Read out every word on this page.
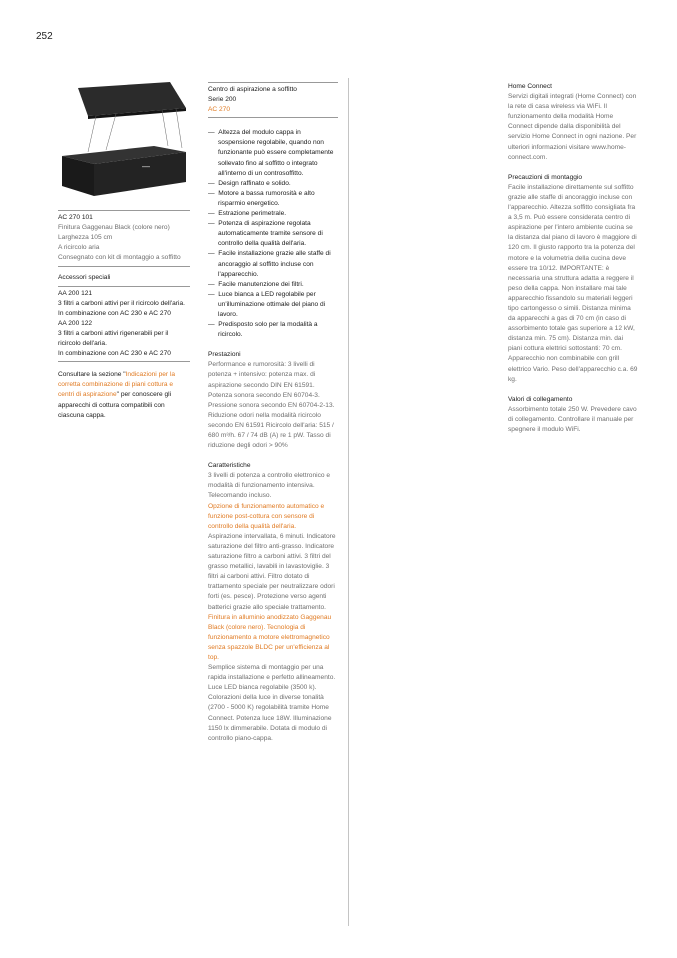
252

AC 270 101

Finitura Gaggenau Black (colore nero)

Larghezza 105 cm

A ricircolo aria

Consegnato con kit di montaggio a soffitto

Accessori speciali

AA 200 121

3 filtri a carboni attivi per il ricircolo dell'aria.

In combinazione con AC 230 e AC 270

AA 200 122

3 filtri a carboni attivi rigenerabili per il ricircolo dell'aria.

In combinazione con AC 230 e AC 270

Consultare la sezione "Indicazioni per la corretta combinazione di piani cottura e centri di aspirazione" per conoscere gli apparecchi di cottura compatibili con ciascuna cappa.

Centro di aspirazione a soffitto

Serie 200

AC 270

—  Altezza del modulo cappa in sospensione regolabile, quando non funzionante può essere completamente sollevato fino al soffitto o integrato all'interno di un controsoffitto.

—  Design raffinato e solido.

—  Motore a bassa rumorosità e alto risparmio energetico.

—  Estrazione perimetrale.

—  Potenza di aspirazione regolata automaticamente tramite sensore di controllo della qualità dell'aria.

—  Facile installazione grazie alle staffe di ancoraggio al soffitto incluse con l'apparecchio.

—  Facile manutenzione dei filtri.

—  Luce bianca a LED regolabile per un'illuminazione ottimale del piano di lavoro.

—  Predisposto solo per la modalità a ricircolo.

Prestazioni

Performance e rumorosità: 3 livelli di potenza + intensivo: potenza max. di aspirazione secondo DIN EN 61591. Potenza sonora secondo EN 60704-3. Pressione sonora secondo EN 60704-2-13. Riduzione odori nella modalità ricircolo secondo EN 61591 Ricircolo dell'aria: 515 / 680 m³/h. 67 / 74 dB (A) re 1 pW. Tasso di riduzione degli odori > 90%

Caratteristiche

3 livelli di potenza a controllo elettronico e modalità di funzionamento intensiva. Telecomando incluso.

Opzione di funzionamento automatico e funzione post-cottura con sensore di controllo della qualità dell'aria.

Aspirazione intervallata, 6 minuti. Indicatore saturazione del filtro anti-grasso. Indicatore saturazione filtro a carboni attivi. 3 filtri del grasso metallici, lavabili in lavastoviglie. 3 filtri ai carboni attivi. Filtro dotato di trattamento speciale per neutralizzare odori forti (es. pesce). Protezione verso agenti batterici grazie allo speciale trattamento.

Finitura in alluminio anodizzato Gaggenau Black (colore nero). Tecnologia di funzionamento a motore elettromagnetico senza spazzole BLDC per un'efficienza al top.

Semplice sistema di montaggio per una rapida installazione e perfetto allineamento. Luce LED bianca regolabile (3500 k). Colorazioni della luce in diverse tonalità (2700 - 5000 K) regolabilità tramite Home Connect. Potenza luce 18W. Illuminazione 1150 lx dimmerabile. Dotata di modulo di controllo piano-cappa.

Home Connect

Servizi digitali integrati (Home Connect) con la rete di casa wireless via WiFi. Il funzionamento della modalità Home Connect dipende dalla disponibilità del servizio Home Connect in ogni nazione. Per ulteriori informazioni visitare www.home-connect.com.

Precauzioni di montaggio

Facile installazione direttamente sul soffitto grazie alle staffe di ancoraggio incluse con l'apparecchio. Altezza soffitto consigliata fra a 3,5 m. Può essere considerata centro di aspirazione per l'intero ambiente cucina se la distanza dal piano di lavoro è maggiore di 120 cm. Il giusto rapporto tra la potenza del motore e la volumetria della cucina deve essere tra 10/12. IMPORTANTE: è necessaria una struttura adatta a reggere il peso della cappa. Non installare mai tale apparecchio fissandolo su materiali leggeri tipo cartongesso o simili. Distanza minima da apparecchi a gas di 70 cm (in caso di assorbimento totale gas superiore a 12 kW, distanza min. 75 cm). Distanza min. dai piani cottura elettrici sottostanti: 70 cm. Apparecchio non combinabile con grill elettrico Vario. Peso dell'apparecchio c.a. 69 kg.

Valori di collegamento

Assorbimento totale 250 W. Prevedere cavo di collegamento. Controllare il manuale per spegnere il modulo WiFi.
